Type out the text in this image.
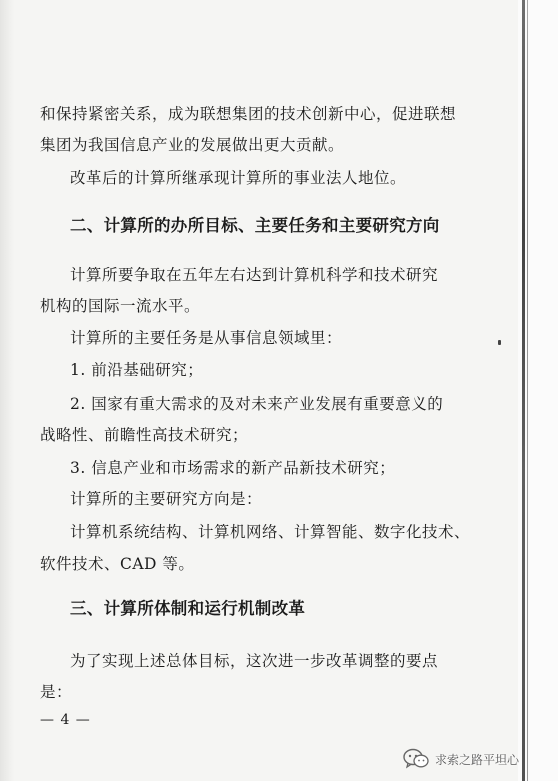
和保持紧密关系，成为联想集团的技术创新中心，促进联想
集团为我国信息产业的发展做出更大贡献。
改革后的计算所继承现计算所的事业法人地位。
二、计算所的办所目标、主要任务和主要研究方向
计算所要争取在五年左右达到计算机科学和技术研究
机构的国际一流水平。
计算所的主要任务是从事信息领域里：
1. 前沿基础研究；
2. 国家有重大需求的及对未来产业发展有重要意义的
战略性、前瞻性高技术研究；
3. 信息产业和市场需求的新产品新技术研究；
计算所的主要研究方向是：
计算机系统结构、计算机网络、计算智能、数字化技术、
软件技术、CAD 等。
三、计算所体制和运行机制改革
为了实现上述总体目标，这次进一步改革调整的要点
是：
— 4 —
求索之路平坦心
